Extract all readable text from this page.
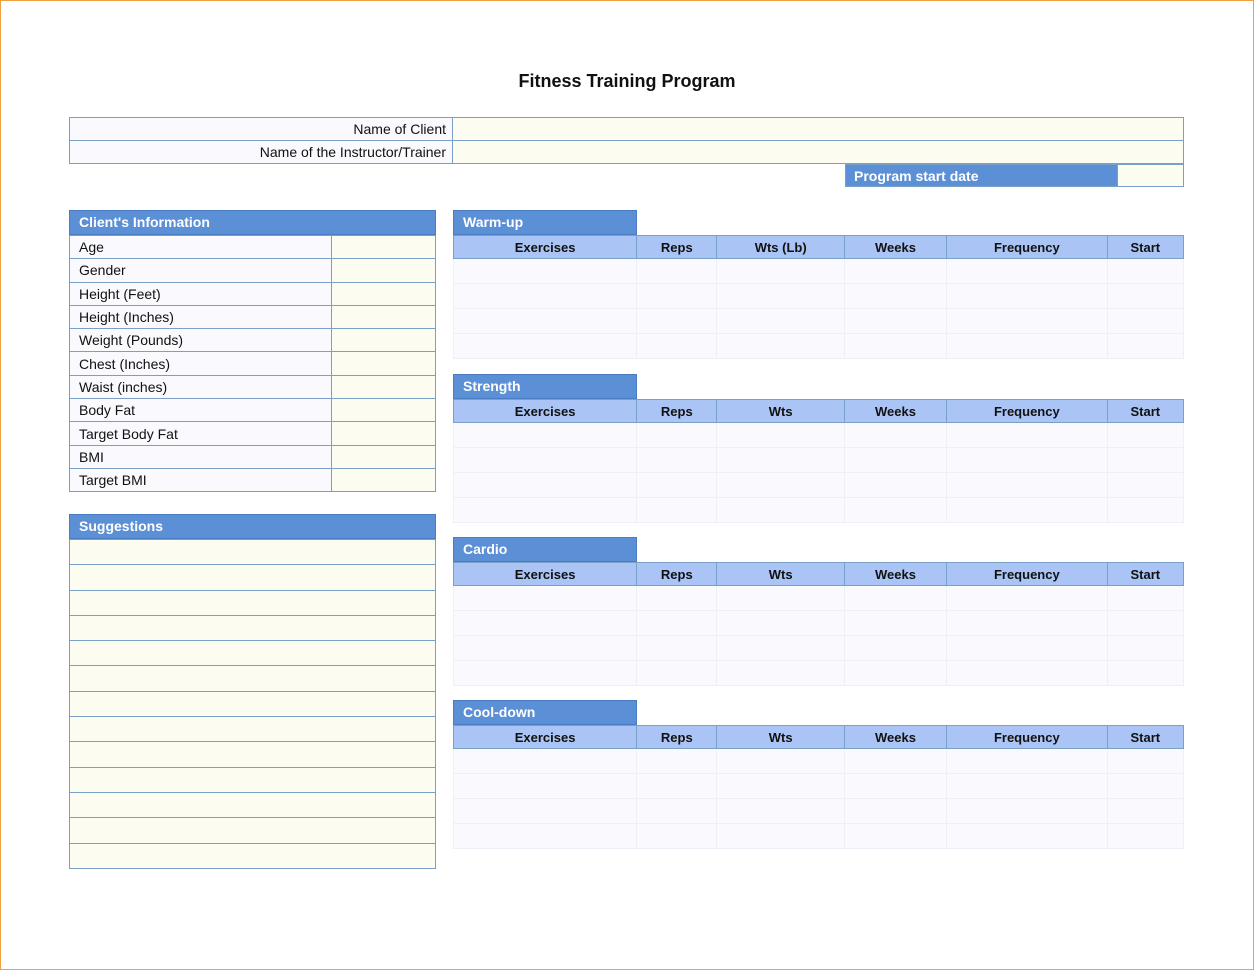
Fitness Training Program
Name of Client	
Name of the Instructor/Trainer	
Program start date
Client's Information
Age	
Gender	
Height (Feet)	
Height (Inches)	
Weight (Pounds)	
Chest (Inches)	
Waist (inches)	
Body Fat	
Target Body Fat	
BMI	
Target BMI	
Suggestions

Warm-up
Exercises	Reps	Wts (Lb)	Weeks	Frequency	Start

Strength
Exercises	Reps	Wts	Weeks	Frequency	Start

Cardio
Exercises	Reps	Wts	Weeks	Frequency	Start

Cool-down
Exercises	Reps	Wts	Weeks	Frequency	Start
